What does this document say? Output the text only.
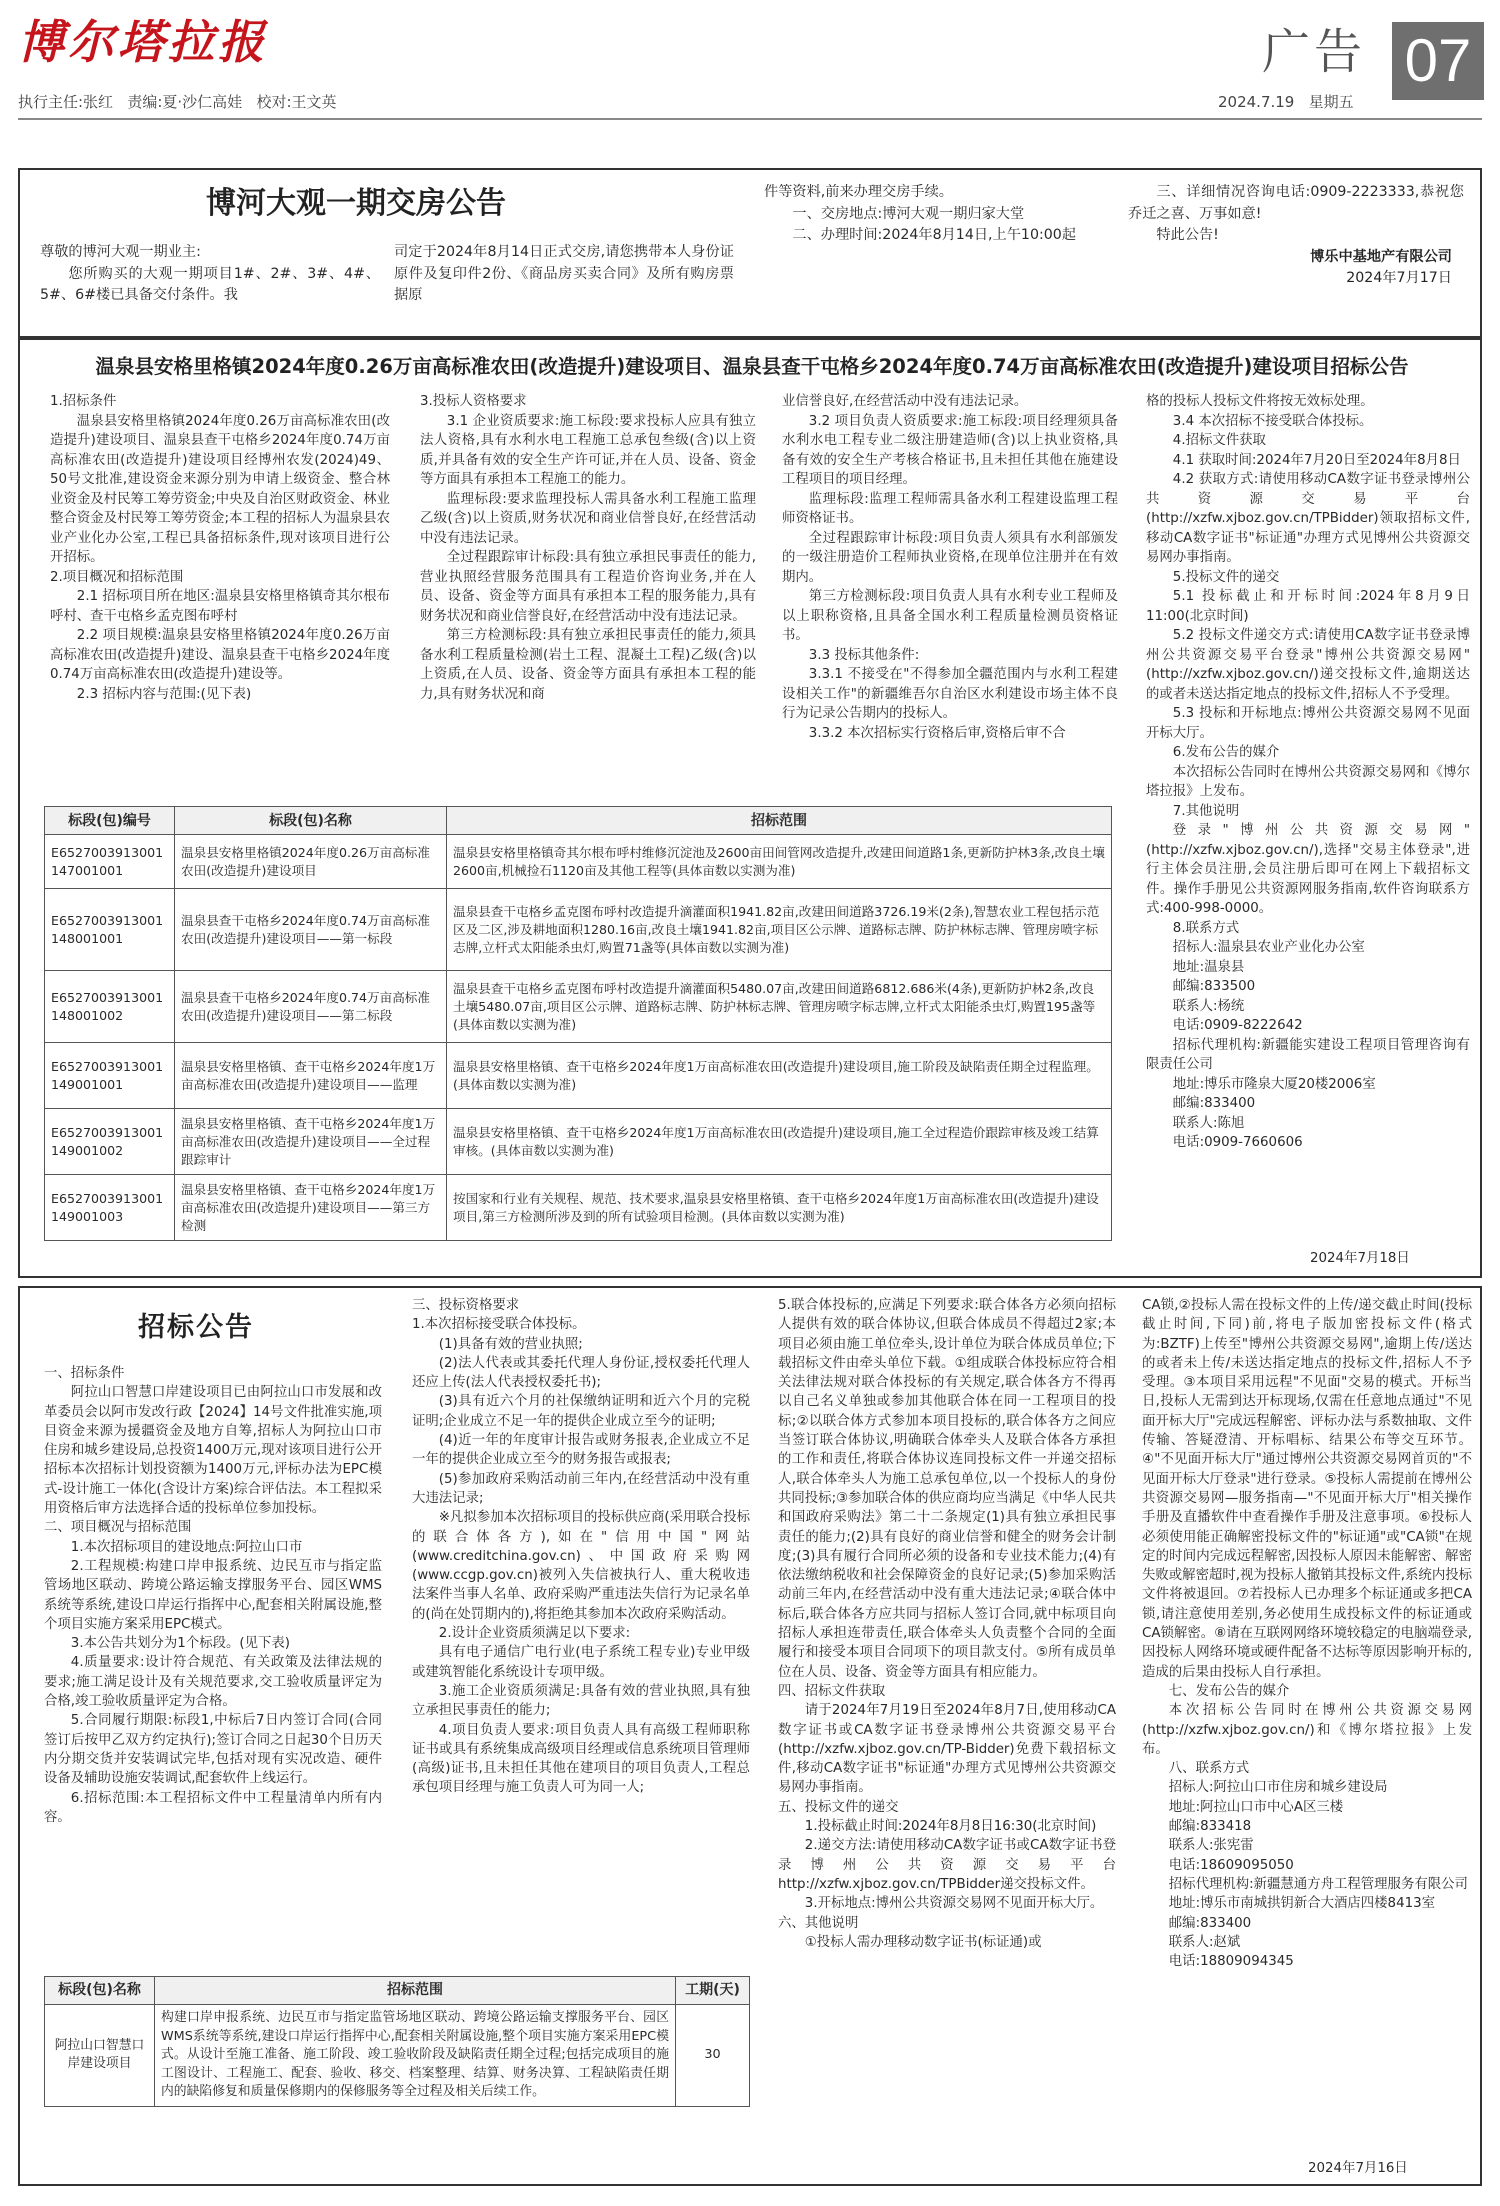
博尔塔拉报	广告 07
执行主任:张红   责编:夏·沙仁高娃   校对:王文英	2024.7.19   星期五
博河大观一期交房公告

尊敬的博河大观一期业主:

您所购买的大观一期项目1#、2#、3#、4#、5#、6#楼已具备交付条件。我

司定于2024年8月14日正式交房,请您携带本人身份证原件及复印件2份、《商品房买卖合同》及所有购房票据原

件等资料,前来办理交房手续。

一、交房地点:博河大观一期归家大堂

二、办理时间:2024年8月14日,上午10:00起

三、详细情况咨询电话:0909-2223333,恭祝您乔迁之喜、万事如意!

特此公告!

博乐中基地产有限公司

2024年7月17日

温泉县安格里格镇2024年度0.26万亩高标准农田(改造提升)建设项目、温泉县查干屯格乡2024年度0.74万亩高标准农田(改造提升)建设项目招标公告

1.招标条件

温泉县安格里格镇2024年度0.26万亩高标准农田(改造提升)建设项目、温泉县查干屯格乡2024年度0.74万亩高标准农田(改造提升)建设项目经博州农发(2024)49、50号文批准,建设资金来源分别为申请上级资金、整合林业资金及村民筹工筹劳资金;中央及自治区财政资金、林业整合资金及村民筹工筹劳资金;本工程的招标人为温泉县农业产业化办公室,工程已具备招标条件,现对该项目进行公开招标。

2.项目概况和招标范围

2.1 招标项目所在地区:温泉县安格里格镇奇其尔根布呼村、查干屯格乡孟克图布呼村

2.2 项目规模:温泉县安格里格镇2024年度0.26万亩高标准农田(改造提升)建设、温泉县查干屯格乡2024年度0.74万亩高标准农田(改造提升)建设等。

2.3 招标内容与范围:(见下表)

3.投标人资格要求

3.1 企业资质要求:施工标段:要求投标人应具有独立法人资格,具有水利水电工程施工总承包叁级(含)以上资质,并具备有效的安全生产许可证,并在人员、设备、资金等方面具有承担本工程施工的能力。

监理标段:要求监理投标人需具备水利工程施工监理乙级(含)以上资质,财务状况和商业信誉良好,在经营活动中没有违法记录。

全过程跟踪审计标段:具有独立承担民事责任的能力,营业执照经营服务范围具有工程造价咨询业务,并在人员、设备、资金等方面具有承担本工程的服务能力,具有财务状况和商业信誉良好,在经营活动中没有违法记录。

第三方检测标段:具有独立承担民事责任的能力,须具备水利工程质量检测(岩土工程、混凝土工程)乙级(含)以上资质,在人员、设备、资金等方面具有承担本工程的能力,具有财务状况和商

业信誉良好,在经营活动中没有违法记录。

3.2 项目负责人资质要求:施工标段:项目经理须具备水利水电工程专业二级注册建造师(含)以上执业资格,具备有效的安全生产考核合格证书,且未担任其他在施建设工程项目的项目经理。

监理标段:监理工程师需具备水利工程建设监理工程师资格证书。

全过程跟踪审计标段:项目负责人须具有水利部颁发的一级注册造价工程师执业资格,在现单位注册并在有效期内。

第三方检测标段:项目负责人具有水利专业工程师及以上职称资格,且具备全国水利工程质量检测员资格证书。

3.3 投标其他条件:

3.3.1 不接受在"不得参加全疆范围内与水利工程建设相关工作"的新疆维吾尔自治区水利建设市场主体不良行为记录公告期内的投标人。

3.3.2 本次招标实行资格后审,资格后审不合

格的投标人投标文件将按无效标处理。

3.4 本次招标不接受联合体投标。

4.招标文件获取

4.1 获取时间:2024年7月20日至2024年8月8日

4.2 获取方式:请使用移动CA数字证书登录博州公共资源交易平台(http://xzfw.xjboz.gov.cn/TPBidder)领取招标文件,移动CA数字证书"标证通"办理方式见博州公共资源交易网办事指南。

5.投标文件的递交

5.1 投标截止和开标时间:2024年8月9日11:00(北京时间)

5.2 投标文件递交方式:请使用CA数字证书登录博州公共资源交易平台登录"博州公共资源交易网"(http://xzfw.xjboz.gov.cn/)递交投标文件,逾期送达的或者未送达指定地点的投标文件,招标人不予受理。

5.3 投标和开标地点:博州公共资源交易网不见面开标大厅。

6.发布公告的媒介

本次招标公告同时在博州公共资源交易网和《博尔塔拉报》上发布。

7.其他说明

登录"博州公共资源交易网"(http://xzfw.xjboz.gov.cn/),选择"交易主体登录",进行主体会员注册,会员注册后即可在网上下载招标文件。操作手册见公共资源网服务指南,软件咨询联系方式:400-998-0000。

8.联系方式

招标人:温泉县农业产业化办公室

地址:温泉县

邮编:833500

联系人:杨统

电话:0909-8222642

招标代理机构:新疆能实建设工程项目管理咨询有限责任公司

地址:博乐市隆泉大厦20楼2006室

邮编:833400

联系人:陈旭

电话:0909-7660606

2024年7月18日
标段(包)编号	标段(包)名称	招标范围
E6527003913001147001001	温泉县安格里格镇2024年度0.26万亩高标准农田(改造提升)建设项目	温泉县安格里格镇奇其尔根布呼村维修沉淀池及2600亩田间管网改造提升,改建田间道路1条,更新防护林3条,改良土壤2600亩,机械捡石1120亩及其他工程等(具体亩数以实测为准)
E6527003913001148001001	温泉县查干屯格乡2024年度0.74万亩高标准农田(改造提升)建设项目——第一标段	温泉县查干屯格乡孟克图布呼村改造提升滴灌面积1941.82亩,改建田间道路3726.19米(2条),智慧农业工程包括示范区及二区,涉及耕地面积1280.16亩,改良土壤1941.82亩,项目区公示牌、道路标志牌、防护林标志牌、管理房喷字标志牌,立杆式太阳能杀虫灯,购置71盏等(具体亩数以实测为准)
E6527003913001148001002	温泉县查干屯格乡2024年度0.74万亩高标准农田(改造提升)建设项目——第二标段	温泉县查干屯格乡孟克图布呼村改造提升滴灌面积5480.07亩,改建田间道路6812.686米(4条),更新防护林2条,改良土壤5480.07亩,项目区公示牌、道路标志牌、防护林标志牌、管理房喷字标志牌,立杆式太阳能杀虫灯,购置195盏等(具体亩数以实测为准)
E6527003913001149001001	温泉县安格里格镇、查干屯格乡2024年度1万亩高标准农田(改造提升)建设项目——监理	温泉县安格里格镇、查干屯格乡2024年度1万亩高标准农田(改造提升)建设项目,施工阶段及缺陷责任期全过程监理。(具体亩数以实测为准)
E6527003913001149001002	温泉县安格里格镇、查干屯格乡2024年度1万亩高标准农田(改造提升)建设项目——全过程跟踪审计	温泉县安格里格镇、查干屯格乡2024年度1万亩高标准农田(改造提升)建设项目,施工全过程造价跟踪审核及竣工结算审核。(具体亩数以实测为准)
E6527003913001149001003	温泉县安格里格镇、查干屯格乡2024年度1万亩高标准农田(改造提升)建设项目——第三方检测	按国家和行业有关规程、规范、技术要求,温泉县安格里格镇、查干屯格乡2024年度1万亩高标准农田(改造提升)建设项目,第三方检测所涉及到的所有试验项目检测。(具体亩数以实测为准)
招标公告

一、招标条件

阿拉山口智慧口岸建设项目已由阿拉山口市发展和改革委员会以阿市发改行政【2024】14号文件批准实施,项目资金来源为援疆资金及地方自筹,招标人为阿拉山口市住房和城乡建设局,总投资1400万元,现对该项目进行公开招标本次招标计划投资额为1400万元,评标办法为EPC模式-设计施工一体化(含设计方案)综合评估法。本工程拟采用资格后审方法选择合适的投标单位参加投标。

二、项目概况与招标范围

1.本次招标项目的建设地点:阿拉山口市

2.工程规模:构建口岸申报系统、边民互市与指定监管场地区联动、跨境公路运输支撑服务平台、园区WMS系统等系统,建设口岸运行指挥中心,配套相关附属设施,整个项目实施方案采用EPC模式。

3.本公告共划分为1个标段。(见下表)

4.质量要求:设计符合规范、有关政策及法律法规的要求;施工满足设计及有关规范要求,交工验收质量评定为合格,竣工验收质量评定为合格。

5.合同履行期限:标段1,中标后7日内签订合同(合同签订后按甲乙双方约定执行);签订合同之日起30个日历天内分期交货并安装调试完毕,包括对现有实况改造、硬件设备及辅助设施安装调试,配套软件上线运行。

6.招标范围:本工程招标文件中工程量清单内所有内容。

三、投标资格要求

1.本次招标接受联合体投标。

(1)具备有效的营业执照;

(2)法人代表或其委托代理人身份证,授权委托代理人还应上传(法人代表授权委托书);

(3)具有近六个月的社保缴纳证明和近六个月的完税证明;企业成立不足一年的提供企业成立至今的证明;

(4)近一年的年度审计报告或财务报表,企业成立不足一年的提供企业成立至今的财务报告或报表;

(5)参加政府采购活动前三年内,在经营活动中没有重大违法记录;

※凡拟参加本次招标项目的投标供应商(采用联合投标的联合体各方),如在"信用中国"网站(www.creditchina.gov.cn)、中国政府采购网(www.ccgp.gov.cn)被列入失信被执行人、重大税收违法案件当事人名单、政府采购严重违法失信行为记录名单的(尚在处罚期内的),将拒绝其参加本次政府采购活动。

2.设计企业资质须满足以下要求:

具有电子通信广电行业(电子系统工程专业)专业甲级或建筑智能化系统设计专项甲级。

3.施工企业资质须满足:具备有效的营业执照,具有独立承担民事责任的能力;

4.项目负责人要求:项目负责人具有高级工程师职称证书或具有系统集成高级项目经理或信息系统项目管理师(高级)证书,且未担任其他在建项目的项目负责人,工程总承包项目经理与施工负责人可为同一人;

5.联合体投标的,应满足下列要求:联合体各方必须向招标人提供有效的联合体协议,但联合体成员不得超过2家;本项目必须由施工单位牵头,设计单位为联合体成员单位;下载招标文件由牵头单位下载。①组成联合体投标应符合相关法律法规对联合体投标的有关规定,联合体各方不得再以自己名义单独或参加其他联合体在同一工程项目的投标;②以联合体方式参加本项目投标的,联合体各方之间应当签订联合体协议,明确联合体牵头人及联合体各方承担的工作和责任,将联合体协议连同投标文件一并递交招标人,联合体牵头人为施工总承包单位,以一个投标人的身份共同投标;③参加联合体的供应商均应当满足《中华人民共和国政府采购法》第二十二条规定(1)具有独立承担民事责任的能力;(2)具有良好的商业信誉和健全的财务会计制度;(3)具有履行合同所必须的设备和专业技术能力;(4)有依法缴纳税收和社会保障资金的良好记录;(5)参加采购活动前三年内,在经营活动中没有重大违法记录;④联合体中标后,联合体各方应共同与招标人签订合同,就中标项目向招标人承担连带责任,联合体牵头人负责整个合同的全面履行和接受本项目合同项下的项目款支付。⑤所有成员单位在人员、设备、资金等方面具有相应能力。

四、招标文件获取

请于2024年7月19日至2024年8月7日,使用移动CA数字证书或CA数字证书登录博州公共资源交易平台(http://xzfw.xjboz.gov.cn/TP-Bidder)免费下载招标文件,移动CA数字证书"标证通"办理方式见博州公共资源交易网办事指南。

五、投标文件的递交

1.投标截止时间:2024年8月8日16:30(北京时间)

2.递交方法:请使用移动CA数字证书或CA数字证书登录博州公共资源交易平台http://xzfw.xjboz.gov.cn/TPBidder递交投标文件。

3.开标地点:博州公共资源交易网不见面开标大厅。

六、其他说明

①投标人需办理移动数字证书(标证通)或

CA锁,②投标人需在投标文件的上传/递交截止时间(投标截止时间,下同)前,将电子版加密投标文件(格式为:BZTF)上传至"博州公共资源交易网",逾期上传/送达的或者未上传/未送达指定地点的投标文件,招标人不予受理。③本项目采用远程"不见面"交易的模式。开标当日,投标人无需到达开标现场,仅需在任意地点通过"不见面开标大厅"完成远程解密、评标办法与系数抽取、文件传输、答疑澄清、开标唱标、结果公布等交互环节。④"不见面开标大厅"通过博州公共资源交易网首页的"不见面开标大厅登录"进行登录。⑤投标人需提前在博州公共资源交易网—服务指南—"不见面开标大厅"相关操作手册及直播软件中查看操作手册及注意事项。⑥投标人必须使用能正确解密投标文件的"标证通"或"CA锁"在规定的时间内完成远程解密,因投标人原因未能解密、解密失败或解密超时,视为投标人撤销其投标文件,系统内投标文件将被退回。⑦若投标人已办理多个标证通或多把CA锁,请注意使用差别,务必使用生成投标文件的标证通或CA锁解密。⑧请在互联网网络环境较稳定的电脑端登录,因投标人网络环境或硬件配备不达标等原因影响开标的,造成的后果由投标人自行承担。

七、发布公告的媒介

本次招标公告同时在博州公共资源交易网(http://xzfw.xjboz.gov.cn/)和《博尔塔拉报》上发布。

八、联系方式

招标人:阿拉山口市住房和城乡建设局

地址:阿拉山口市中心A区三楼

邮编:833418

联系人:张宪雷

电话:18609095050

招标代理机构:新疆慧通方舟工程管理服务有限公司

地址:博乐市南城拱钥新合大酒店四楼8413室

邮编:833400

联系人:赵斌

电话:18809094345

2024年7月16日
标段(包)名称	招标范围	工期(天)
阿拉山口智慧口岸建设项目	构建口岸申报系统、边民互市与指定监管场地区联动、跨境公路运输支撑服务平台、园区WMS系统等系统,建设口岸运行指挥中心,配套相关附属设施,整个项目实施方案采用EPC模式。从设计至施工准备、施工阶段、竣工验收阶段及缺陷责任期全过程;包括完成项目的施工图设计、工程施工、配套、验收、移交、档案整理、结算、财务决算、工程缺陷责任期内的缺陷修复和质量保修期内的保修服务等全过程及相关后续工作。	30
